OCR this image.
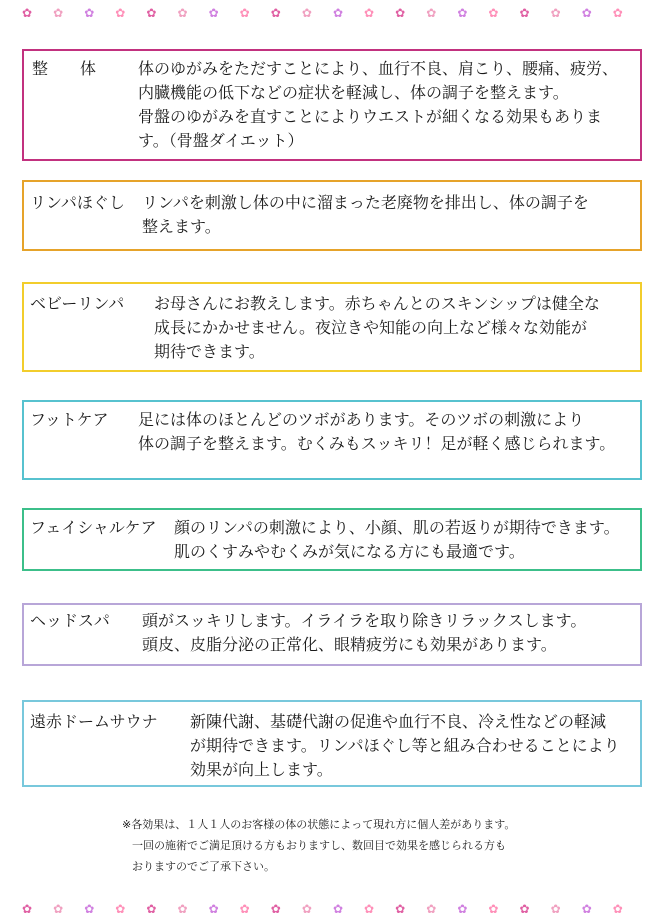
✿ ✿ ✿ ✿ ✿ ✿ ✿ ✿ ✿ ✿ ✿ ✿ ✿ ✿ ✿ ✿ ✿ ✿ ✿ ✿
✿ ✿ ✿ ✿ ✿ ✿ ✿ ✿ ✿ ✿ ✿ ✿ ✿ ✿ ✿ ✿ ✿ ✿ ✿ ✿
整　　体	体のゆがみをただすことにより、血行不良、肩こり、腰痛、疲労、
内臓機能の低下などの症状を軽減し、体の調子を整えます。
骨盤のゆがみを直すことによりウエストが細くなる効果もありま
す。（骨盤ダイエット）
リンパほぐし リンパを刺激し体の中に溜まった老廃物を排出し、体の調子を
整えます。
ベビーリンパ お母さんにお教えします。赤ちゃんとのスキンシップは健全な
成長にかかせません。夜泣きや知能の向上など様々な効能が
期待できます。
フットケア 足には体のほとんどのツボがあります。そのツボの刺激により
体の調子を整えます。むくみもスッキリ！足が軽く感じられます。
フェイシャルケア 顔のリンパの刺激により、小顔、肌の若返りが期待できます。
肌のくすみやむくみが気になる方にも最適です。
ヘッドスパ 頭がスッキリします。イライラを取り除きリラックスします。
頭皮、皮脂分泌の正常化、眼精疲労にも効果があります。
遠赤ドームサウナ 新陳代謝、基礎代謝の促進や血行不良、冷え性などの軽減
が期待できます。リンパほぐし等と組み合わせることにより
効果が向上します。
※各効果は、１人１人のお客様の体の状態によって現れ方に個人差があります。
一回の施術でご満足頂ける方もおりますし、数回目で効果を感じられる方も
おりますのでご了承下さい。
